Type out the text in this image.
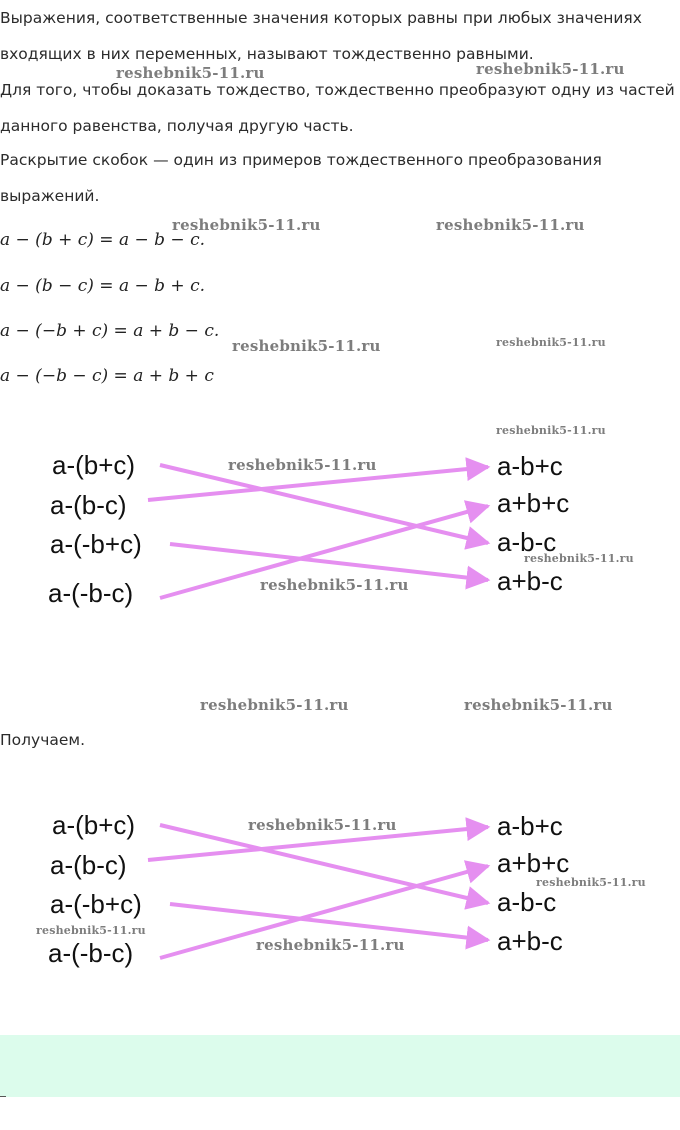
Выражения, соответственные значения которых равны при любых значениях входящих в них переменных, называют тождественно равными.

Для того, чтобы доказать тождество, тождественно преобразуют одну из частей данного равенства, получая другую часть.

Раскрытие скобок — один из примеров тождественного преобразования выражений.

a − (b + c) = a − b − c.
a − (b − c) = a − b + c.
a − (−b + c) = a + b − c.
a − (−b − c) = a + b + c
a-(b+c)
a-(b-c)
a-(-b+c)
a-(-b-c)
a-b+c
a+b+c
a-b-c
a+b-c

Получаем.

a-(b+c)
a-(b-c)
a-(-b+c)
a-(-b-c)
a-b+c
a+b+c
a-b-c
a+b-c
reshebnik5-11.ru	reshebnik5-11.ru
reshebnik5-11.ru	reshebnik5-11.ru
reshebnik5-11.ru	reshebnik5-11.ru
reshebnik5-11.ru
reshebnik5-11.ru
reshebnik5-11.ru
reshebnik5-11.ru
reshebnik5-11.ru	reshebnik5-11.ru
reshebnik5-11.ru
reshebnik5-11.ru
reshebnik5-11.ru
reshebnik5-11.ru
